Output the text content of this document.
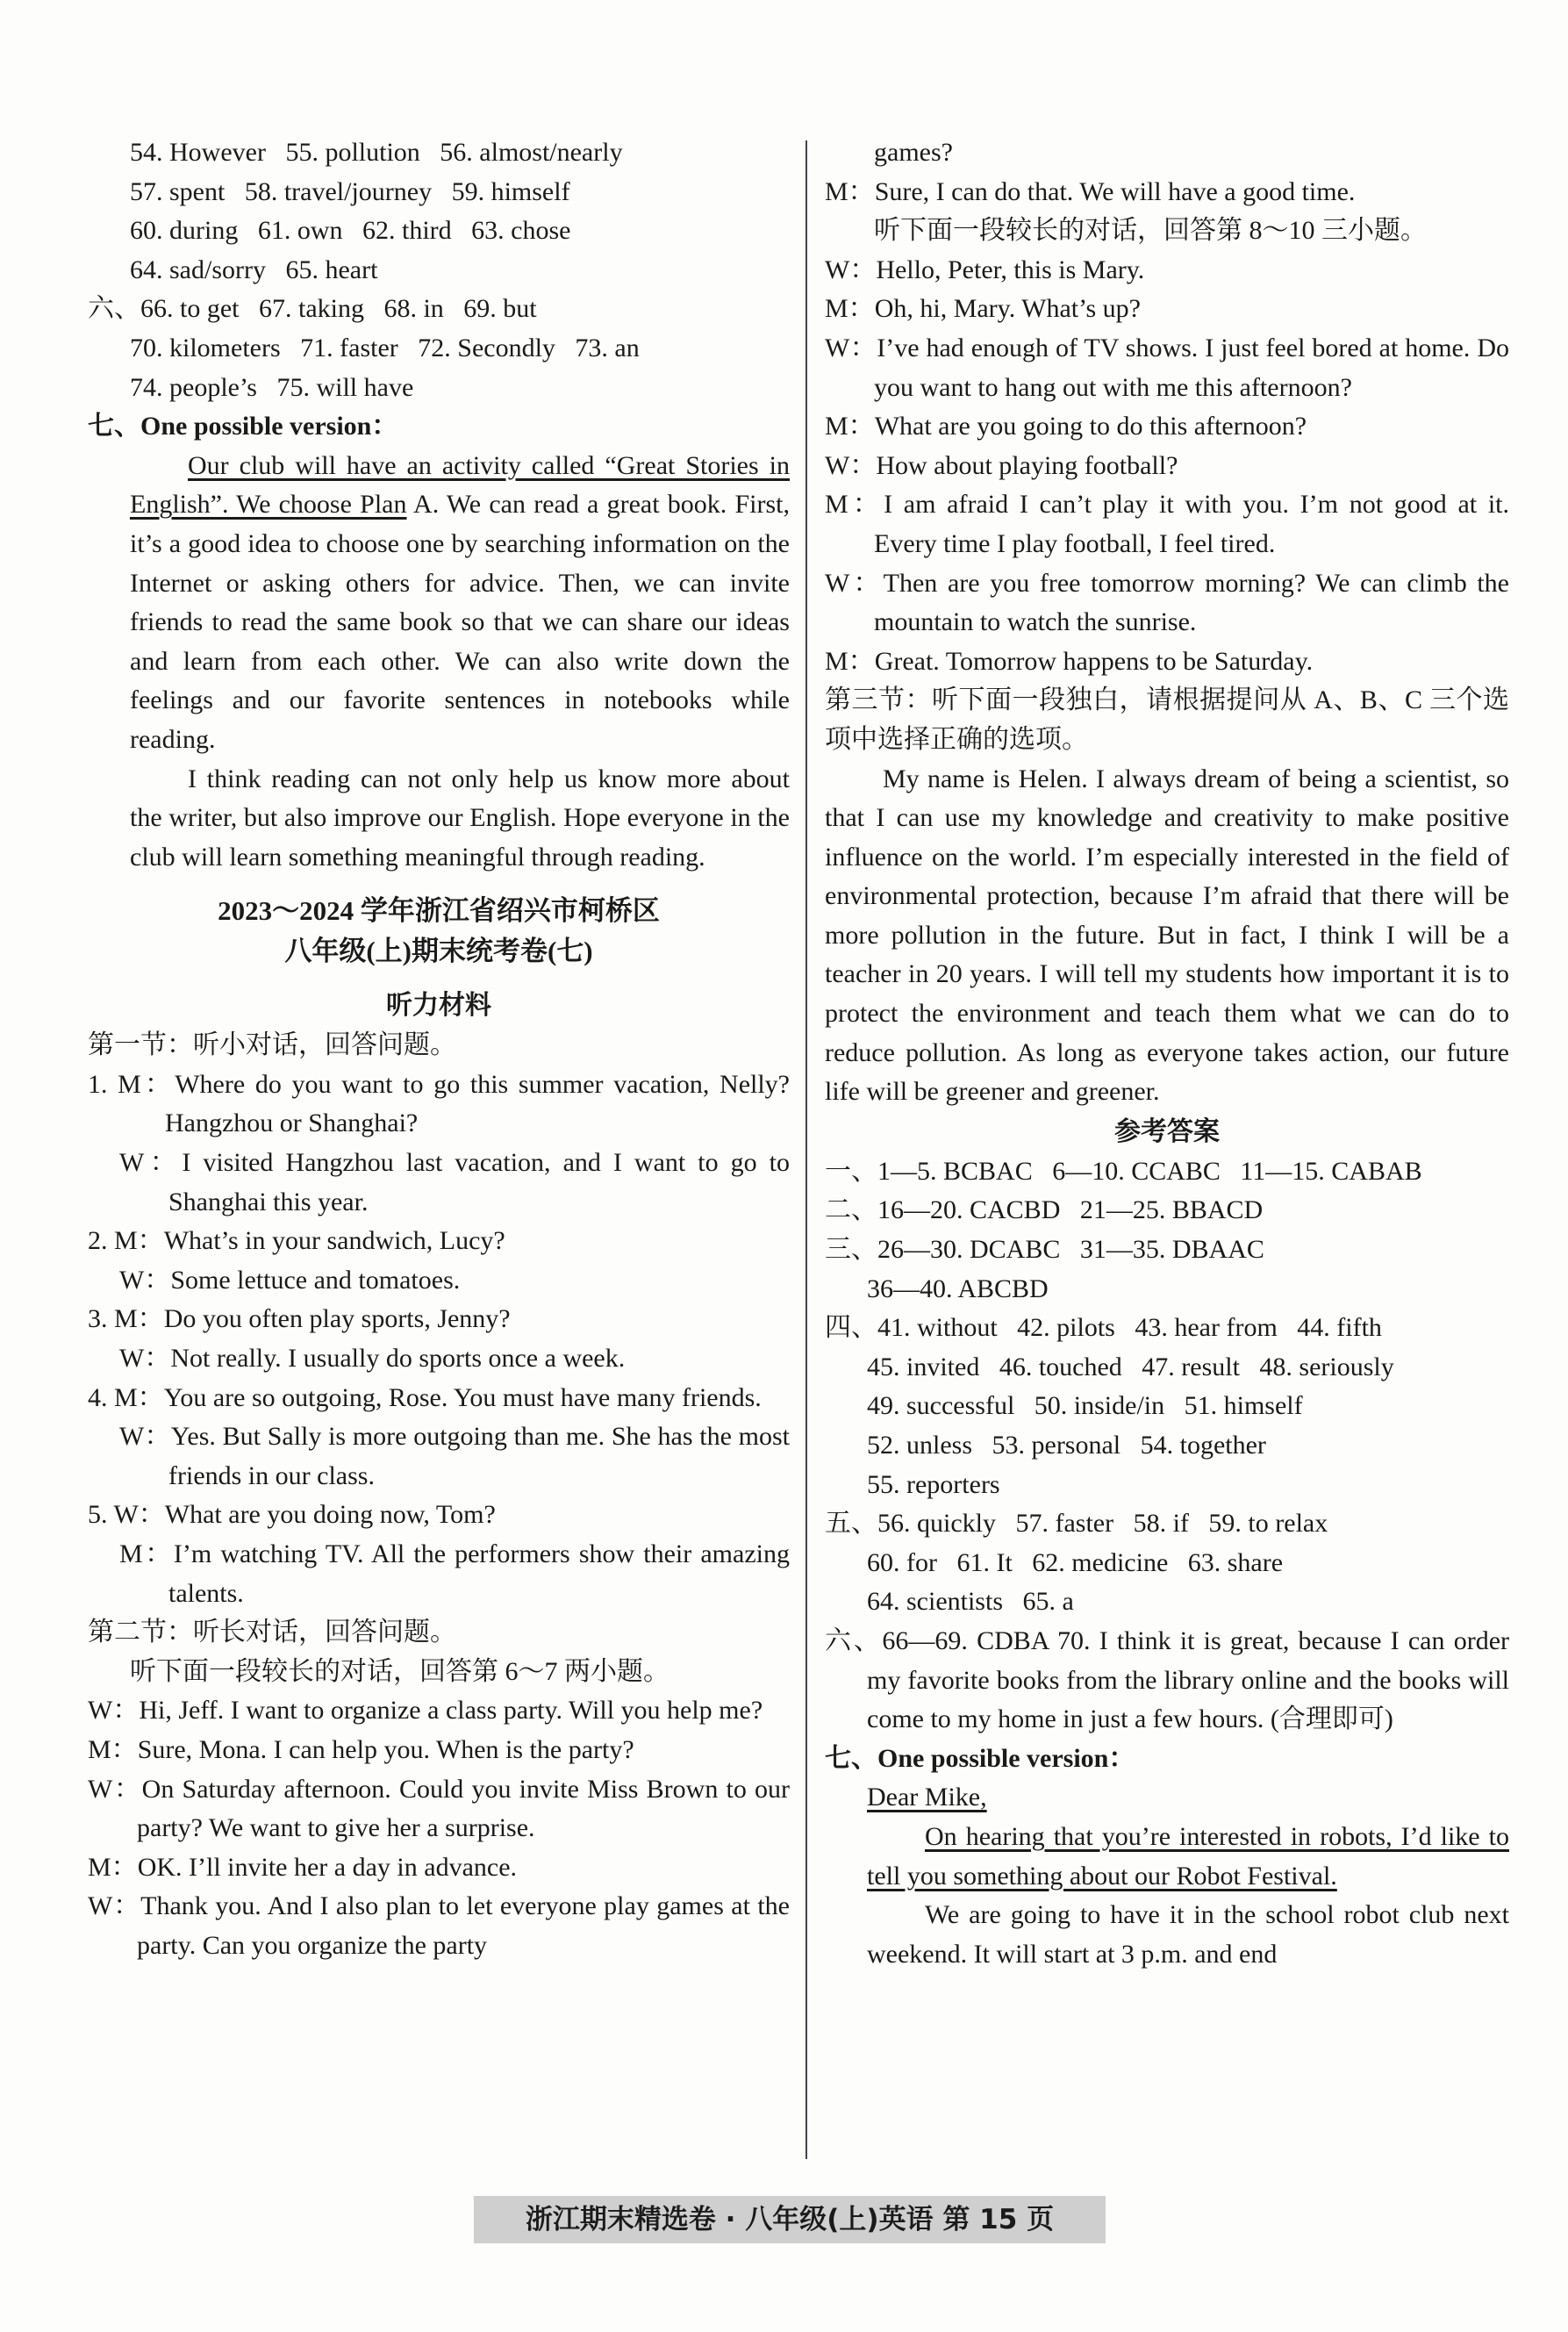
54. However   55. pollution   56. almost/nearly
57. spent   58. travel/journey   59. himself
60. during   61. own   62. third   63. chose
64. sad/sorry   65. heart
六、66. to get   67. taking   68. in   69. but
70. kilometers   71. faster   72. Secondly   73. an
74. people’s   75. will have
七、One possible version：
Our club will have an activity called “Great Stories in English”. We choose Plan A. We can read a great book. First, it’s a good idea to choose one by searching information on the Internet or asking others for advice. Then, we can invite friends to read the same book so that we can share our ideas and learn from each other. We can also write down the feelings and our favorite sentences in notebooks while reading.
I think reading can not only help us know more about the writer, but also improve our English. Hope everyone in the club will learn something meaningful through reading.
2023～2024 学年浙江省绍兴市柯桥区
八年级(上)期末统考卷(七)
听力材料
第一节：听小对话，回答问题。
1. M：Where do you want to go this summer vacation, Nelly? Hangzhou or Shanghai?
W：I visited Hangzhou last vacation, and I want to go to Shanghai this year.
2. M：What’s in your sandwich, Lucy?
W：Some lettuce and tomatoes.
3. M：Do you often play sports, Jenny?
W：Not really. I usually do sports once a week.
4. M：You are so outgoing, Rose. You must have many friends.
W：Yes. But Sally is more outgoing than me. She has the most friends in our class.
5. W：What are you doing now, Tom?
M：I’m watching TV. All the performers show their amazing talents.
第二节：听长对话，回答问题。
听下面一段较长的对话，回答第 6～7 两小题。
W：Hi, Jeff. I want to organize a class party. Will you help me?
M：Sure, Mona. I can help you. When is the party?
W：On Saturday afternoon. Could you invite Miss Brown to our party? We want to give her a surprise.
M：OK. I’ll invite her a day in advance.
W：Thank you. And I also plan to let everyone play games at the party. Can you organize the party
games?
M：Sure, I can do that. We will have a good time.
听下面一段较长的对话，回答第 8～10 三小题。
W：Hello, Peter, this is Mary.
M：Oh, hi, Mary. What’s up?
W：I’ve had enough of TV shows. I just feel bored at home. Do you want to hang out with me this afternoon?
M：What are you going to do this afternoon?
W：How about playing football?
M：I am afraid I can’t play it with you. I’m not good at it. Every time I play football, I feel tired.
W：Then are you free tomorrow morning? We can climb the mountain to watch the sunrise.
M：Great. Tomorrow happens to be Saturday.
第三节：听下面一段独白，请根据提问从 A、B、C 三个选项中选择正确的选项。
My name is Helen. I always dream of being a scientist, so that I can use my knowledge and creativity to make positive influence on the world. I’m especially interested in the field of environmental protection, because I’m afraid that there will be more pollution in the future. But in fact, I think I will be a teacher in 20 years. I will tell my students how important it is to protect the environment and teach them what we can do to reduce pollution. As long as everyone takes action, our future life will be greener and greener.
参考答案
一、1—5. BCBAC   6—10. CCABC   11—15. CABAB
二、16—20. CACBD   21—25. BBACD
三、26—30. DCABC   31—35. DBAAC
36—40. ABCBD
四、41. without   42. pilots   43. hear from   44. fifth
45. invited   46. touched   47. result   48. seriously
49. successful   50. inside/in   51. himself
52. unless   53. personal   54. together
55. reporters
五、56. quickly   57. faster   58. if   59. to relax
60. for   61. It   62. medicine   63. share
64. scientists   65. a
六、66—69. CDBA 70. I think it is great, because I can order my favorite books from the library online and the books will come to my home in just a few hours. (合理即可)
七、One possible version：
Dear Mike,
On hearing that you’re interested in robots, I’d like to tell you something about our Robot Festival.
We are going to have it in the school robot club next weekend. It will start at 3 p.m. and end
浙江期末精选卷 · 八年级(上)英语 第 15 页
